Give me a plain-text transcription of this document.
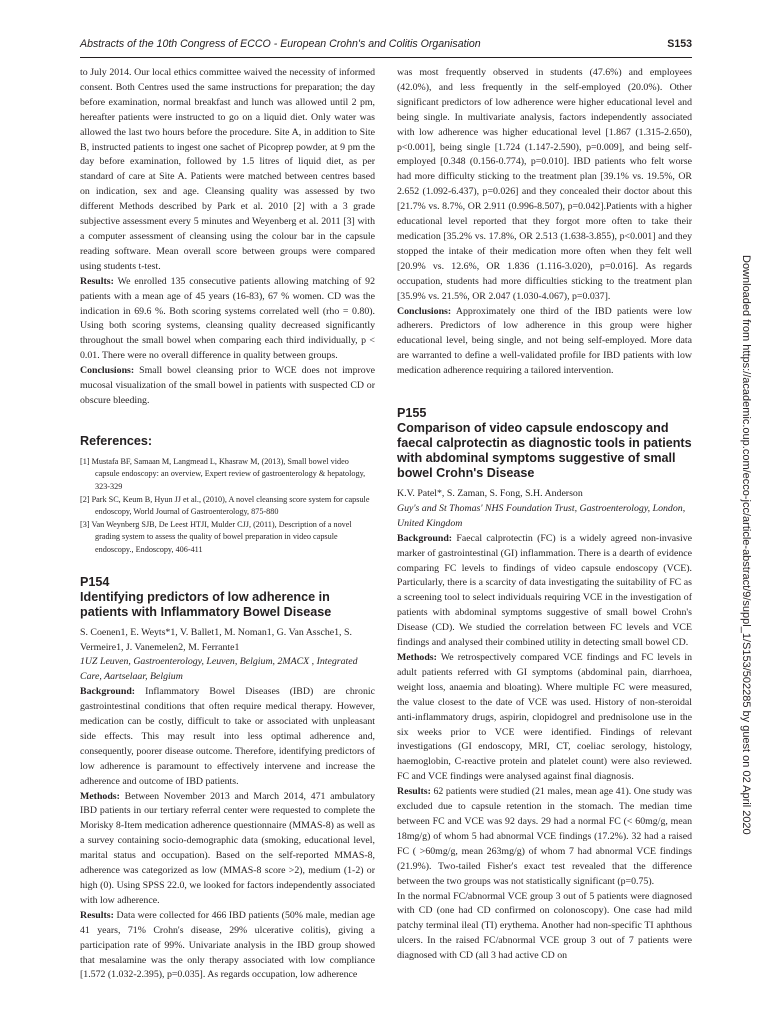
Abstracts of the 10th Congress of ECCO - European Crohn's and Colitis Organisation	S153

to July 2014. Our local ethics committee waived the necessity of informed consent. Both Centres used the same instructions for preparation; the day before examination, normal breakfast and lunch was allowed until 2 pm, hereafter patients were instructed to go on a liquid diet. Only water was allowed the last two hours before the procedure. Site A, in addition to Site B, instructed patients to ingest one sachet of Picoprep powder, at 9 pm the day before examination, followed by 1.5 litres of liquid diet, as per standard of care at Site A. Patients were matched between centres based on indication, sex and age. Cleansing quality was assessed by two different Methods described by Park et al. 2010 [2] with a 3 grade subjective assessment every 5 minutes and Weyenberg et al. 2011 [3] with a computer assessment of cleansing using the colour bar in the capsule reading software. Mean overall score between groups were compared using students t-test.

Results: We enrolled 135 consecutive patients allowing matching of 92 patients with a mean age of 45 years (16-83), 67 % women. CD was the indication in 69.6 %. Both scoring systems correlated well (rho = 0.80). Using both scoring systems, cleansing quality decreased significantly throughout the small bowel when comparing each third individually, p < 0.01. There were no overall difference in quality between groups.

Conclusions: Small bowel cleansing prior to WCE does not improve mucosal visualization of the small bowel in patients with suspected CD or obscure bleeding.

References:

[1] Mustafa BF, Samaan M, Langmead L, Khasraw M, (2013), Small bowel video capsule endoscopy: an overview, Expert review of gastroenterology & hepatology, 323-329

[2] Park SC, Keum B, Hyun JJ et al., (2010), A novel cleansing score system for capsule endoscopy, World Journal of Gastroenterology, 875-880

[3] Van Weynberg SJB, De Leest HTJI, Mulder CJJ, (2011), Description of a novel grading system to assess the quality of bowel preparation in video capsule endoscopy., Endoscopy, 406-411

P154
Identifying predictors of low adherence in patients with Inflammatory Bowel Disease

S. Coenen1, E. Weyts*1, V. Ballet1, M. Noman1, G. Van Assche1, S. Vermeire1, J. Vanemelen2, M. Ferrante1

1UZ Leuven, Gastroenterology, Leuven, Belgium, 2MACX , Integrated Care, Aartselaar, Belgium

Background: Inflammatory Bowel Diseases (IBD) are chronic gastrointestinal conditions that often require medical therapy. However, medication can be costly, difficult to take or associated with unpleasant side effects. This may result into less optimal adherence and, consequently, poorer disease outcome. Therefore, identifying predictors of low adherence is paramount to effectively intervene and increase the adherence and outcome of IBD patients.

Methods: Between November 2013 and March 2014, 471 ambulatory IBD patients in our tertiary referral center were requested to complete the Morisky 8-Item medication adherence questionnaire (MMAS-8) as well as a survey containing socio-demographic data (smoking, educational level, marital status and occupation). Based on the self-reported MMAS-8, adherence was categorized as low (MMAS-8 score >2), medium (1-2) or high (0). Using SPSS 22.0, we looked for factors independently associated with low adherence.

Results: Data were collected for 466 IBD patients (50% male, median age 41 years, 71% Crohn's disease, 29% ulcerative colitis), giving a participation rate of 99%. Univariate analysis in the IBD group showed that mesalamine was the only therapy associated with low compliance [1.572 (1.032-2.395), p=0.035]. As regards occupation, low adherence

was most frequently observed in students (47.6%) and employees (42.0%), and less frequently in the self-employed (20.0%). Other significant predictors of low adherence were higher educational level and being single. In multivariate analysis, factors independently associated with low adherence was higher educational level [1.867 (1.315-2.650), p<0.001], being single [1.724 (1.147-2.590), p=0.009], and being self-employed [0.348 (0.156-0.774), p=0.010]. IBD patients who felt worse had more difficulty sticking to the treatment plan [39.1% vs. 19.5%, OR 2.652 (1.092-6.437), p=0.026] and they concealed their doctor about this [21.7% vs. 8.7%, OR 2.911 (0.996-8.507), p=0.042].Patients with a higher educational level reported that they forgot more often to take their medication [35.2% vs. 17.8%, OR 2.513 (1.638-3.855), p<0.001] and they stopped the intake of their medication more often when they felt well [20.9% vs. 12.6%, OR 1.836 (1.116-3.020), p=0.016]. As regards occupation, students had more difficulties sticking to the treatment plan [35.9% vs. 21.5%, OR 2.047 (1.030-4.067), p=0.037].

Conclusions: Approximately one third of the IBD patients were low adherers. Predictors of low adherence in this group were higher educational level, being single, and not being self-employed. More data are warranted to define a well-validated profile for IBD patients with low medication adherence requiring a tailored intervention.

P155
Comparison of video capsule endoscopy and faecal calprotectin as diagnostic tools in patients with abdominal symptoms suggestive of small bowel Crohn's Disease

K.V. Patel*, S. Zaman, S. Fong, S.H. Anderson

Guy's and St Thomas' NHS Foundation Trust, Gastroenterology, London, United Kingdom

Background: Faecal calprotectin (FC) is a widely agreed non-invasive marker of gastrointestinal (GI) inflammation. There is a dearth of evidence comparing FC levels to findings of video capsule endoscopy (VCE). Particularly, there is a scarcity of data investigating the suitability of FC as a screening tool to select individuals requiring VCE in the investigation of patients with abdominal symptoms suggestive of small bowel Crohn's Disease (CD). We studied the correlation between FC levels and VCE findings and analysed their combined utility in detecting small bowel CD.

Methods: We retrospectively compared VCE findings and FC levels in adult patients referred with GI symptoms (abdominal pain, diarrhoea, weight loss, anaemia and bloating). Where multiple FC were measured, the value closest to the date of VCE was used. History of non-steroidal anti-inflammatory drugs, aspirin, clopidogrel and prednisolone use in the six weeks prior to VCE were identified. Findings of relevant investigations (GI endoscopy, MRI, CT, coeliac serology, histology, haemoglobin, C-reactive protein and platelet count) were also reviewed. FC and VCE findings were analysed against final diagnosis.

Results: 62 patients were studied (21 males, mean age 41). One study was excluded due to capsule retention in the stomach. The median time between FC and VCE was 92 days. 29 had a normal FC (< 60mg/g, mean 18mg/g) of whom 5 had abnormal VCE findings (17.2%). 32 had a raised FC ( >60mg/g, mean 263mg/g) of whom 7 had abnormal VCE findings (21.9%). Two-tailed Fisher's exact test revealed that the difference between the two groups was not statistically significant (p=0.75).

In the normal FC/abnormal VCE group 3 out of 5 patients were diagnosed with CD (one had CD confirmed on colonoscopy). One case had mild patchy terminal ileal (TI) erythema. Another had non-specific TI aphthous ulcers. In the raised FC/abnormal VCE group 3 out of 7 patients were diagnosed with CD (all 3 had active CD on

Downloaded from https://academic.oup.com/ecco-jcc/article-abstract/9/suppl_1/S153/502285 by guest on 02 April 2020
